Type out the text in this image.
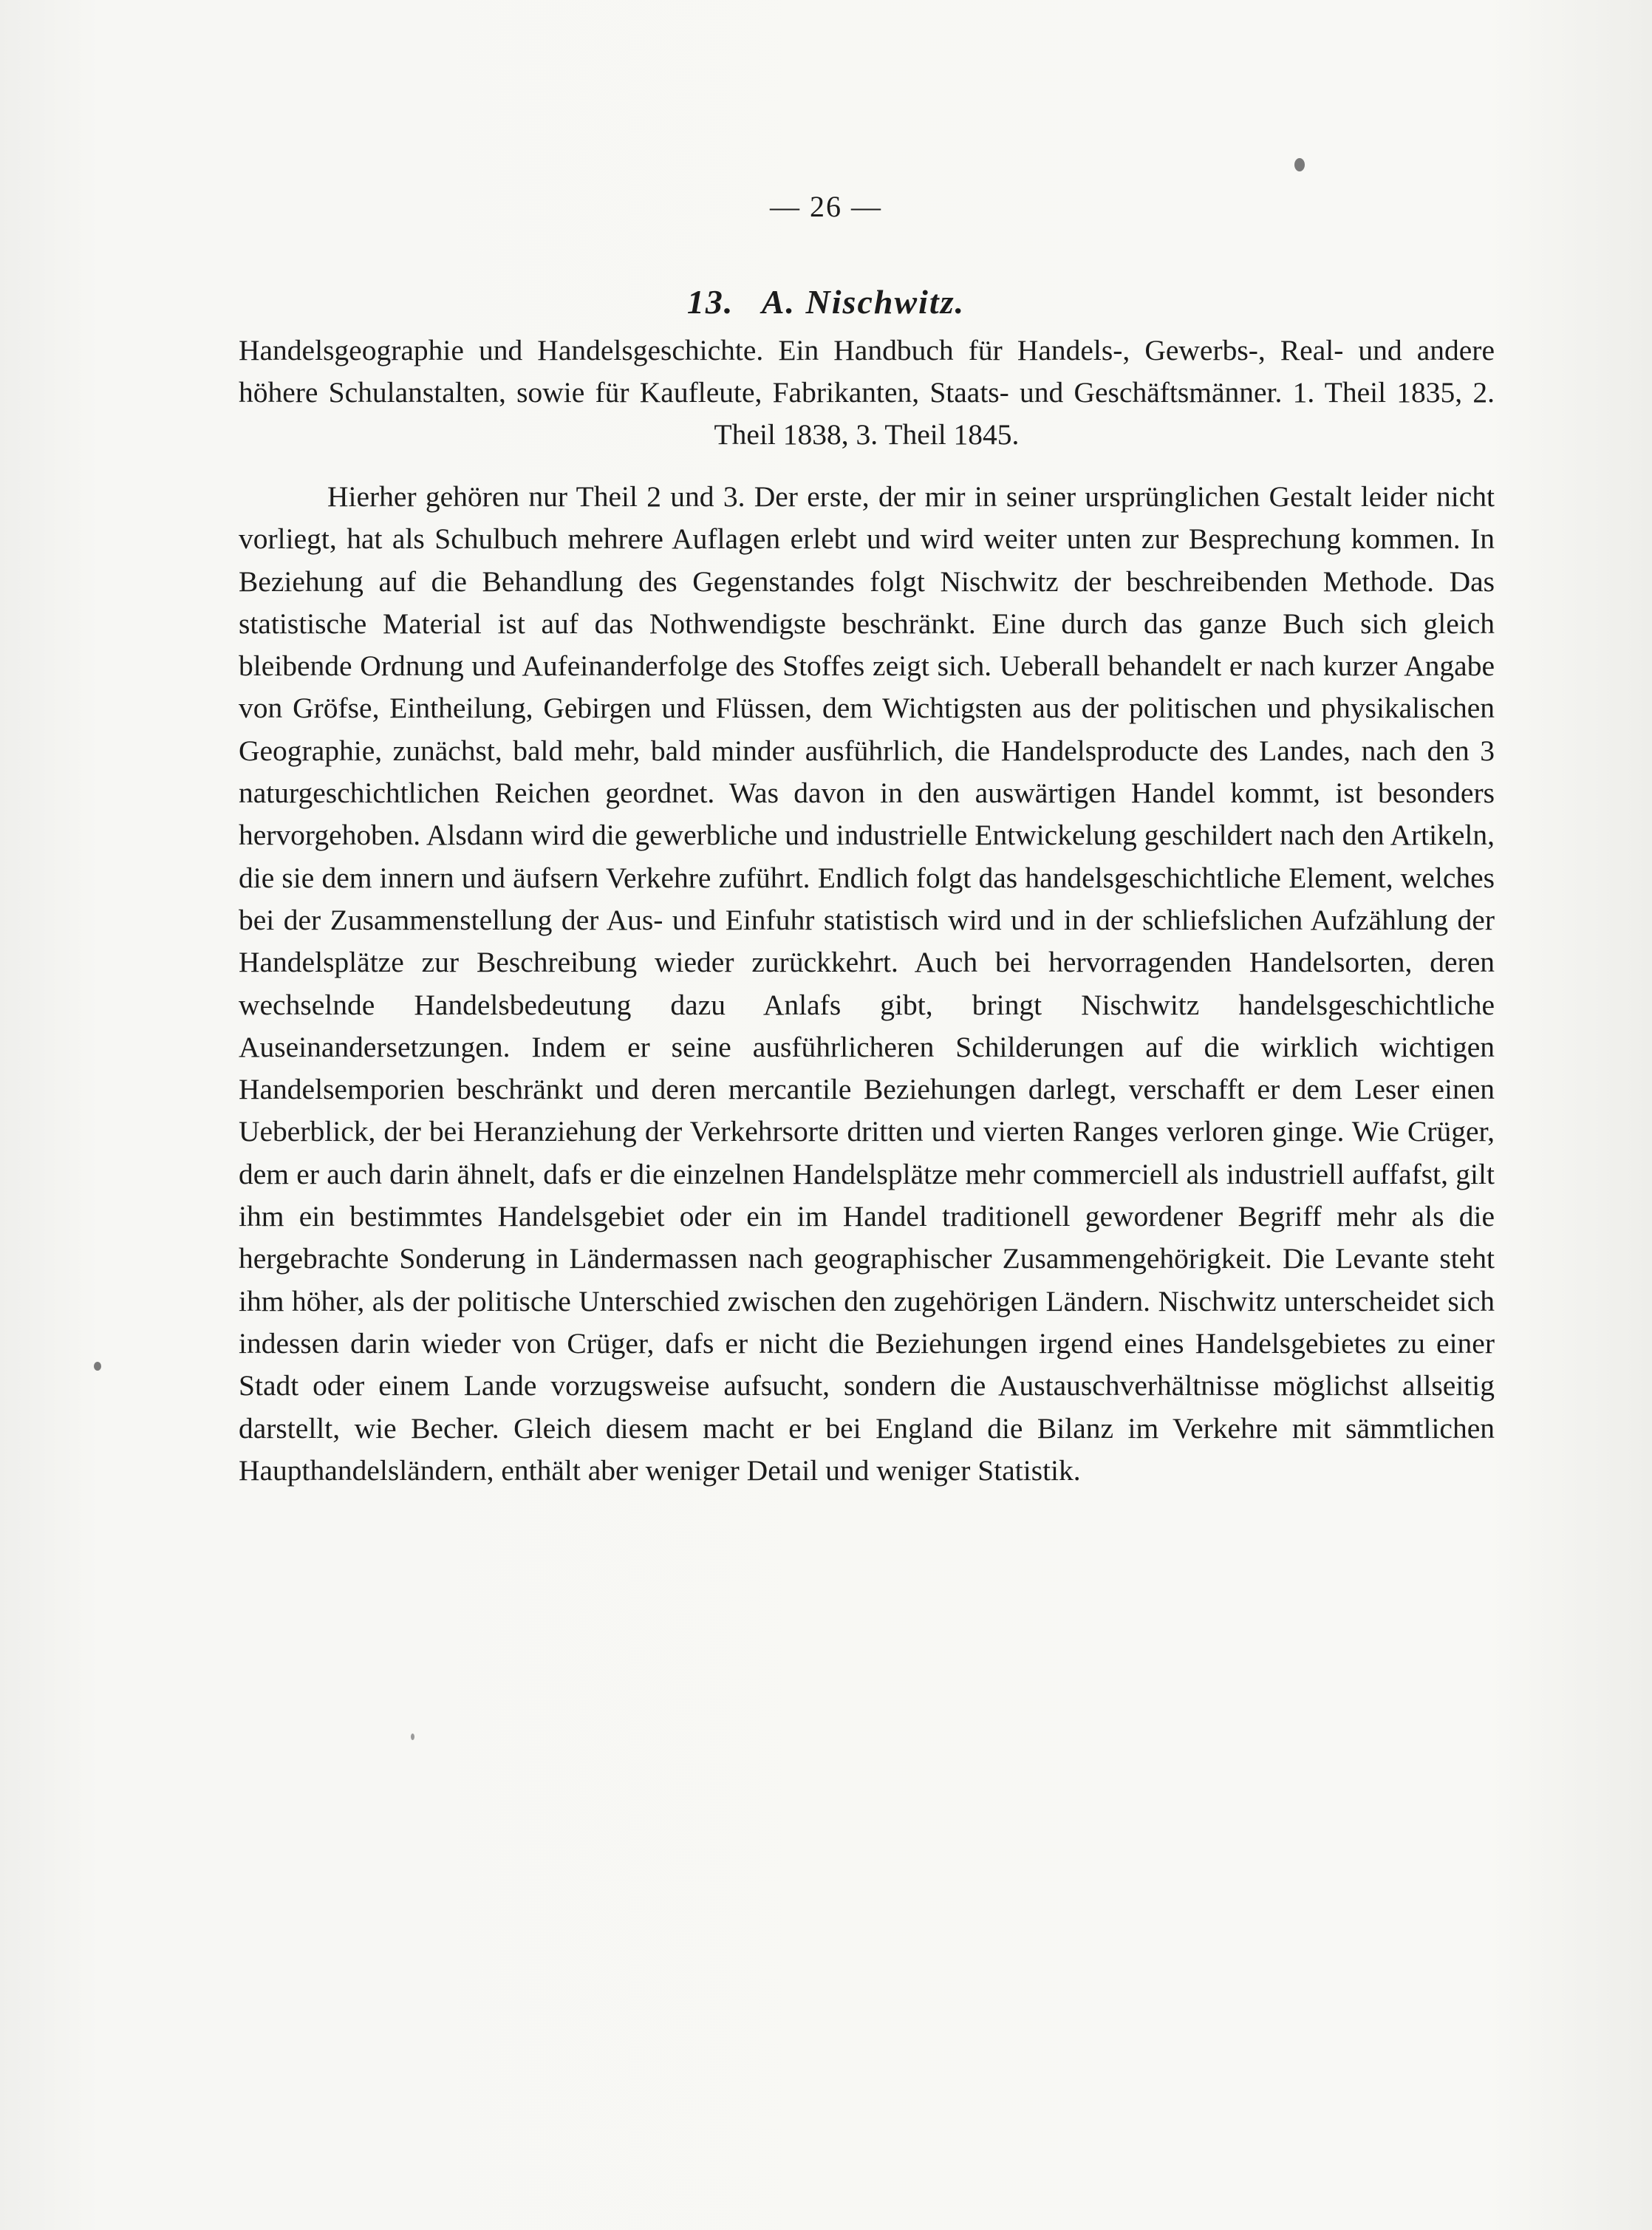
— 26 —
13. A. Nischwitz.
Handelsgeographie und Handelsgeschichte. Ein Handbuch für Handels-, Gewerbs-, Real- und andere höhere Schulanstalten, sowie für Kaufleute, Fabrikanten, Staats- und Geschäftsmänner. 1. Theil 1835, 2. Theil 1838, 3. Theil 1845.

Hierher gehören nur Theil 2 und 3. Der erste, der mir in seiner ursprünglichen Gestalt leider nicht vorliegt, hat als Schulbuch mehrere Auflagen erlebt und wird weiter unten zur Besprechung kommen. In Beziehung auf die Behandlung des Gegenstandes folgt Nischwitz der beschreibenden Methode. Das statistische Material ist auf das Nothwendigste beschränkt. Eine durch das ganze Buch sich gleich bleibende Ordnung und Aufeinanderfolge des Stoffes zeigt sich. Ueberall behandelt er nach kurzer Angabe von Gröfse, Eintheilung, Gebirgen und Flüssen, dem Wichtigsten aus der politischen und physikalischen Geographie, zunächst, bald mehr, bald minder ausführlich, die Handelsproducte des Landes, nach den 3 naturgeschichtlichen Reichen geordnet. Was davon in den auswärtigen Handel kommt, ist besonders hervorgehoben. Alsdann wird die gewerbliche und industrielle Entwickelung geschildert nach den Artikeln, die sie dem innern und äufsern Verkehre zuführt. Endlich folgt das handelsgeschichtliche Element, welches bei der Zusammenstellung der Aus- und Einfuhr statistisch wird und in der schliefslichen Aufzählung der Handelsplätze zur Beschreibung wieder zurückkehrt. Auch bei hervorragenden Handelsorten, deren wechselnde Handelsbedeutung dazu Anlafs gibt, bringt Nischwitz handelsgeschichtliche Auseinandersetzungen. Indem er seine ausführlicheren Schilderungen auf die wirklich wichtigen Handelsemporien beschränkt und deren mercantile Beziehungen darlegt, verschafft er dem Leser einen Ueberblick, der bei Heranziehung der Verkehrsorte dritten und vierten Ranges verloren ginge. Wie Crüger, dem er auch darin ähnelt, dafs er die einzelnen Handelsplätze mehr commerciell als industriell auffafst, gilt ihm ein bestimmtes Handelsgebiet oder ein im Handel traditionell gewordener Begriff mehr als die hergebrachte Sonderung in Ländermassen nach geographischer Zusammengehörigkeit. Die Levante steht ihm höher, als der politische Unterschied zwischen den zugehörigen Ländern. Nischwitz unterscheidet sich indessen darin wieder von Crüger, dafs er nicht die Beziehungen irgend eines Handelsgebietes zu einer Stadt oder einem Lande vorzugsweise aufsucht, sondern die Austauschverhältnisse möglichst allseitig darstellt, wie Becher. Gleich diesem macht er bei England die Bilanz im Verkehre mit sämmtlichen Haupthandelsländern, enthält aber weniger Detail und weniger Statistik.
